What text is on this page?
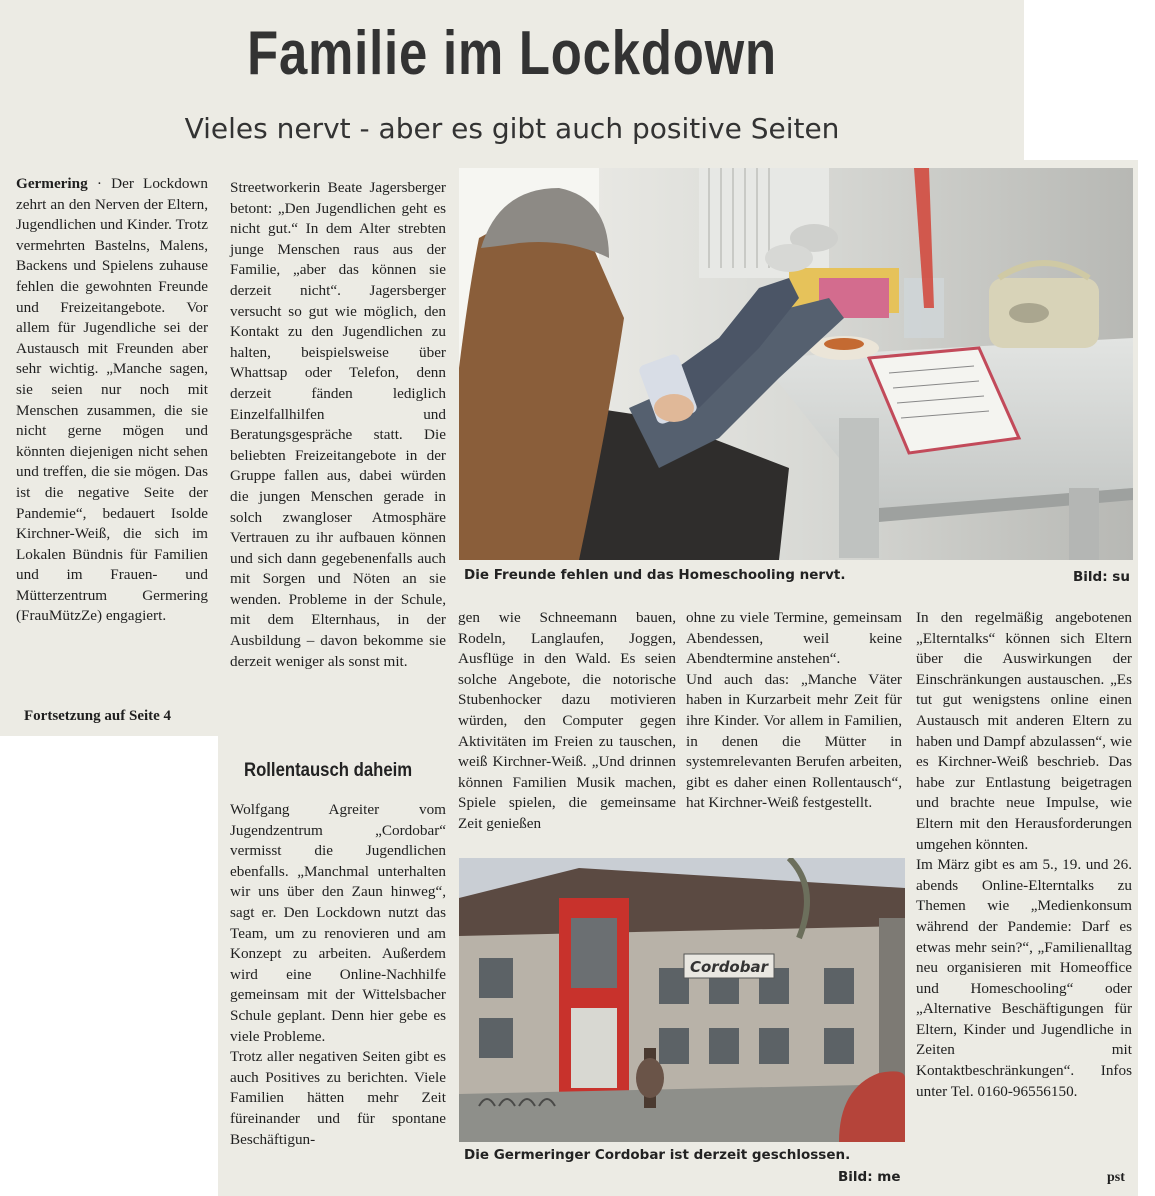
Familie im Lockdown
Vieles nervt - aber es gibt auch positive Seiten

Germering · Der Lockdown zehrt an den Nerven der Eltern, Jugendlichen und Kinder. Trotz vermehrten Bastelns, Malens, Backens und Spielens zuhause fehlen die gewohnten Freunde und Freizeitangebote. Vor allem für Jugendliche sei der Austausch mit Freunden aber sehr wichtig. „Manche sagen, sie seien nur noch mit Menschen zusammen, die sie nicht gerne mögen und könnten diejenigen nicht sehen und treffen, die sie mögen. Das ist die negative Seite der Pandemie“, bedauert Isolde Kirchner-Weiß, die sich im Lokalen Bündnis für Familien und im Frauen- und Mütterzentrum Germering (FrauMützZe) engagiert.

Fortsetzung auf Seite 4

Streetworkerin Beate Jagersberger betont: „Den Jugendlichen geht es nicht gut.“ In dem Alter strebten junge Menschen raus aus der Familie, „aber das können sie derzeit nicht“. Jagersberger versucht so gut wie möglich, den Kontakt zu den Jugendlichen zu halten, beispielsweise über Whattsap oder Telefon, denn derzeit fänden lediglich Einzelfallhilfen und Beratungsgespräche statt. Die beliebten Freizeitangebote in der Gruppe fallen aus, dabei würden die jungen Menschen gerade in solch zwangloser Atmosphäre Vertrauen zu ihr aufbauen können und sich dann gegebenenfalls auch mit Sorgen und Nöten an sie wenden. Probleme in der Schule, mit dem Elternhaus, in der Ausbildung – davon bekomme sie derzeit weniger als sonst mit.

Rollentausch daheim

Wolfgang Agreiter vom Jugendzentrum „Cordobar“ vermisst die Jugendlichen ebenfalls. „Manchmal unterhalten wir uns über den Zaun hinweg“, sagt er. Den Lockdown nutzt das Team, um zu renovieren und am Konzept zu arbeiten. Außerdem wird eine Online-Nachhilfe gemeinsam mit der Wittelsbacher Schule geplant. Denn hier gebe es viele Probleme.

Trotz aller negativen Seiten gibt es auch Positives zu berichten. Viele Familien hätten mehr Zeit füreinander und für spontane Beschäftigun-

Die Freunde fehlen und das Homeschooling nervt.	Bild: su

gen wie Schneemann bauen, Rodeln, Langlaufen, Joggen, Ausflüge in den Wald. Es seien solche Angebote, die notorische Stubenhocker dazu motivieren würden, den Computer gegen Aktivitäten im Freien zu tauschen, weiß Kirchner-Weiß. „Und drinnen können Familien Musik machen, Spiele spielen, die gemeinsame Zeit genießen

ohne zu viele Termine, gemeinsam Abendessen, weil keine Abendtermine anstehen“.

Und auch das: „Manche Väter haben in Kurzarbeit mehr Zeit für ihre Kinder. Vor allem in Familien, in denen die Mütter in systemrelevanten Berufen arbeiten, gibt es daher einen Rollentausch“, hat Kirchner-Weiß festgestellt.

In den regelmäßig angebotenen „Elterntalks“ können sich Eltern über die Auswirkungen der Einschränkungen austauschen. „Es tut gut wenigstens online einen Austausch mit anderen Eltern zu haben und Dampf abzulassen“, wie es Kirchner-Weiß beschrieb. Das habe zur Entlastung beigetragen und brachte neue Impulse, wie Eltern mit den Herausforderungen umgehen könnten.

Im März gibt es am 5., 19. und 26. abends Online-Elterntalks zu Themen wie „Medienkonsum während der Pandemie: Darf es etwas mehr sein?“, „Familienalltag neu organisieren mit Homeoffice und Homeschooling“ oder „Alternative Beschäftigungen für Eltern, Kinder und Jugendliche in Zeiten mit Kontaktbeschränkungen“. Infos unter Tel. 0160-96556150.

Cordobar
Die Germeringer Cordobar ist derzeit geschlossen.
Bild: me	pst
